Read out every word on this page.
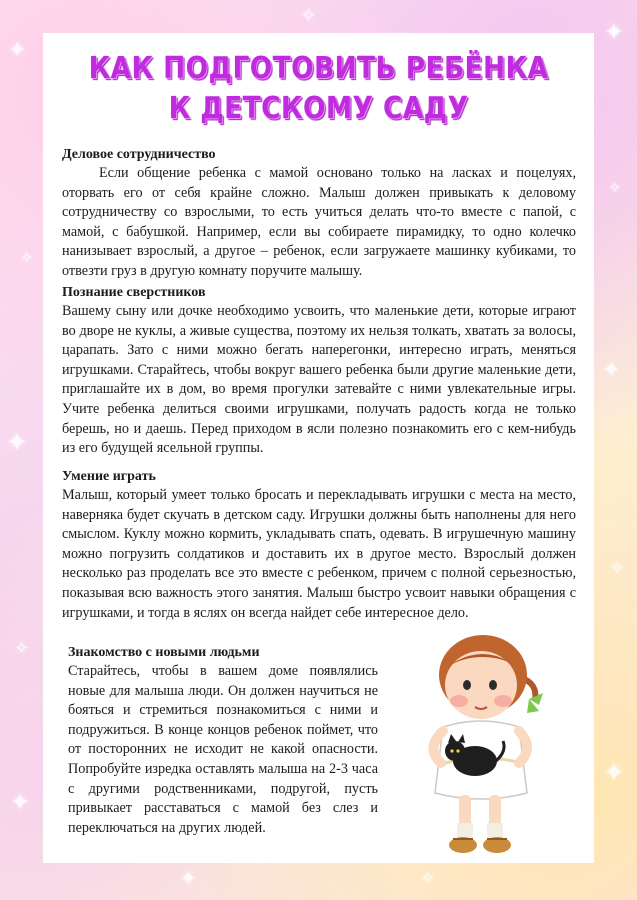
✦
✧
✦
✧
✦
✦
✧
✦
✧
✦
✦	✧
✧
КАК ПОДГОТОВИТЬ РЕБЁНКА
К ДЕТСКОМУ САДУ

Деловое сотрудничество

Если общение ребенка с мамой основано только на ласках и поцелуях, оторвать его от себя крайне сложно. Малыш должен привыкать к деловому сотрудничеству со взрослыми, то есть учиться делать что-то вместе с папой, с мамой, с бабушкой. Например, если вы собираете пирамидку, то одно колечко нанизывает взрослый, а другое – ребенок, если загружаете машинку кубиками, то отвезти груз в другую комнату поручите малышу.

Познание сверстников

Вашему сыну или дочке необходимо усвоить, что маленькие дети, которые играют во дворе не куклы, а живые существа, поэтому их нельзя толкать, хватать за волосы, царапать. Зато с ними можно бегать наперегонки, интересно играть, меняться игрушками. Старайтесь, чтобы вокруг вашего ребенка были другие маленькие дети, приглашайте их в дом, во время прогулки затевайте с ними увлекательные игры. Учите ребенка делиться своими игрушками, получать радость когда не только берешь, но и даешь. Перед приходом в ясли полезно познакомить его с кем-нибудь из его будущей ясельной группы.

Умение играть

Малыш, который умеет только бросать и перекладывать игрушки с места на место, наверняка будет скучать в детском саду. Игрушки должны быть наполнены для него смыслом. Куклу можно кормить, укладывать спать, одевать. В игрушечную машину можно погрузить солдатиков и доставить их в другое место. Взрослый должен несколько раз проделать все это вместе с ребенком, причем с полной серьезностью, показывая всю важность этого занятия. Малыш быстро усвоит навыки обращения с игрушками, и тогда в яслях он всегда найдет себе интересное дело.

Знакомство с новыми людьми

Старайтесь, чтобы в вашем доме появлялись новые для малыша люди. Он должен научиться не бояться и стремиться познакомиться с ними и подружиться. В конце концов ребенок поймет, что от посторонних не исходит не какой опасности. Попробуйте изредка оставлять малыша на 2-3 часа с другими родственниками, подругой, пусть привыкает расставаться с мамой без слез и переключаться на других людей.
